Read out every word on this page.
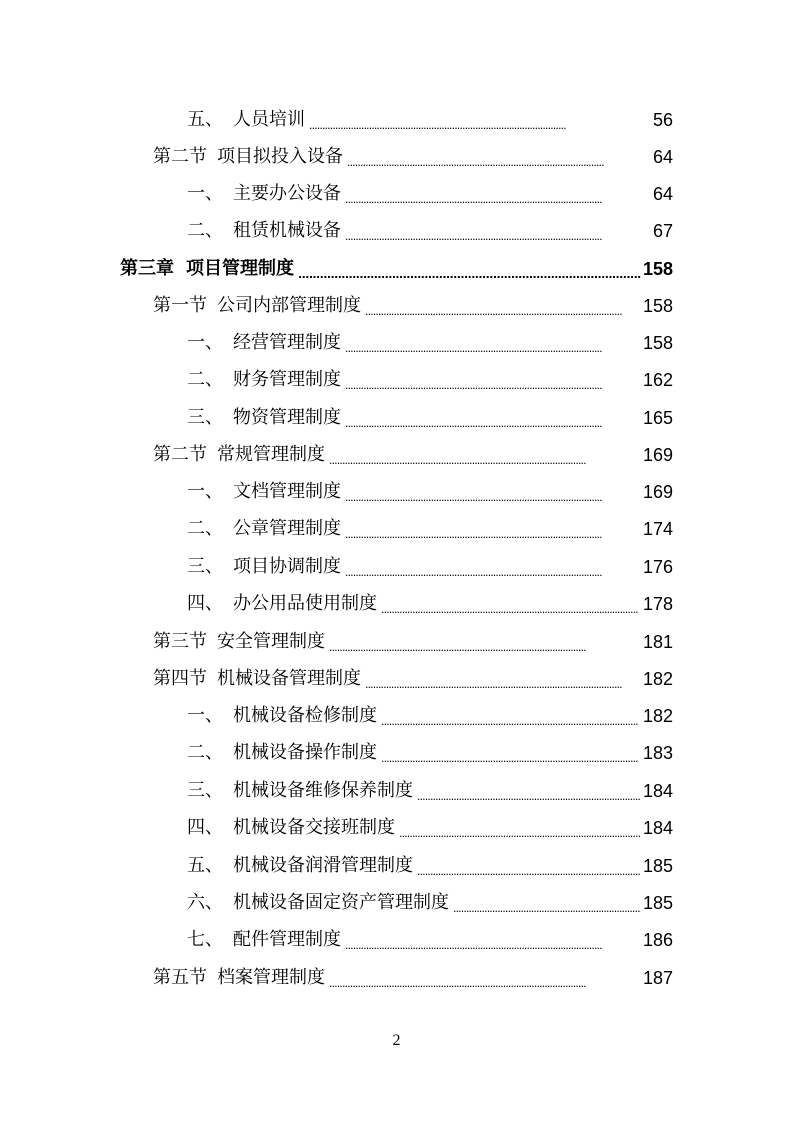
五、 人员培训 . . .	56
第二节 项目拟投入设备 . . .	64
一、 主要办公设备 . . .	64
二、 租赁机械设备 . . .	67
第三章 项目管理制度 . . .	158
第一节 公司内部管理制度 . . .	158
一、 经营管理制度 . . .	158
二、 财务管理制度 . . .	162
三、 物资管理制度 . . .	165
第二节 常规管理制度 . . .	169
一、 文档管理制度 . . .	169
二、 公章管理制度 . . .	174
三、 项目协调制度 . . .	176
四、 办公用品使用制度 . . .	178
第三节 安全管理制度 . . .	181
第四节 机械设备管理制度 . . .	182
一、 机械设备检修制度 . . .	182
二、 机械设备操作制度 . . .	183
三、 机械设备维修保养制度 . . .	184
四、 机械设备交接班制度 . . .	184
五、 机械设备润滑管理制度 . . .	185
六、 机械设备固定资产管理制度 . . .	185
七、 配件管理制度 . . .	186
第五节 档案管理制度 . . .	187
2
